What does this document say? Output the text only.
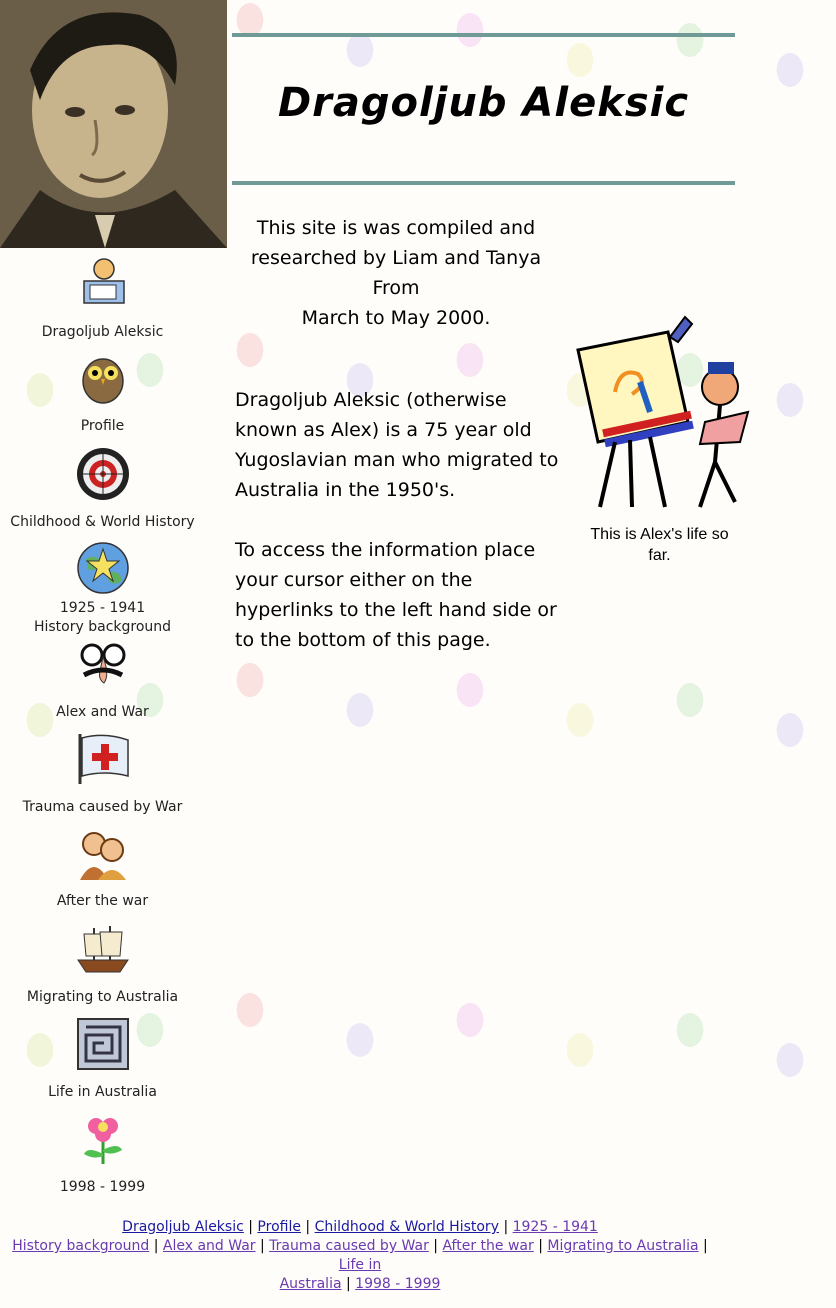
Dragoljub Aleksic
This site is was compiled and
researched by Liam and Tanya
From
March to May 2000.
Dragoljub Aleksic (otherwise known as Alex) is a 75 year old Yugoslavian man who migrated to Australia in the 1950's.
To access the information place your cursor either on the hyperlinks to the left hand side or to the bottom of this page.
This is Alex's life so far.
Dragoljub Aleksic
Profile
Childhood & World History
1925 - 1941
History background
Alex and War
Trauma caused by War
After the war
Migrating to Australia
Life in Australia
1998 - 1999
Dragoljub Aleksic | Profile | Childhood & World History | 1925 - 1941
History background | Alex and War | Trauma caused by War | After the war | Migrating to Australia | Life in
Australia | 1998 - 1999
